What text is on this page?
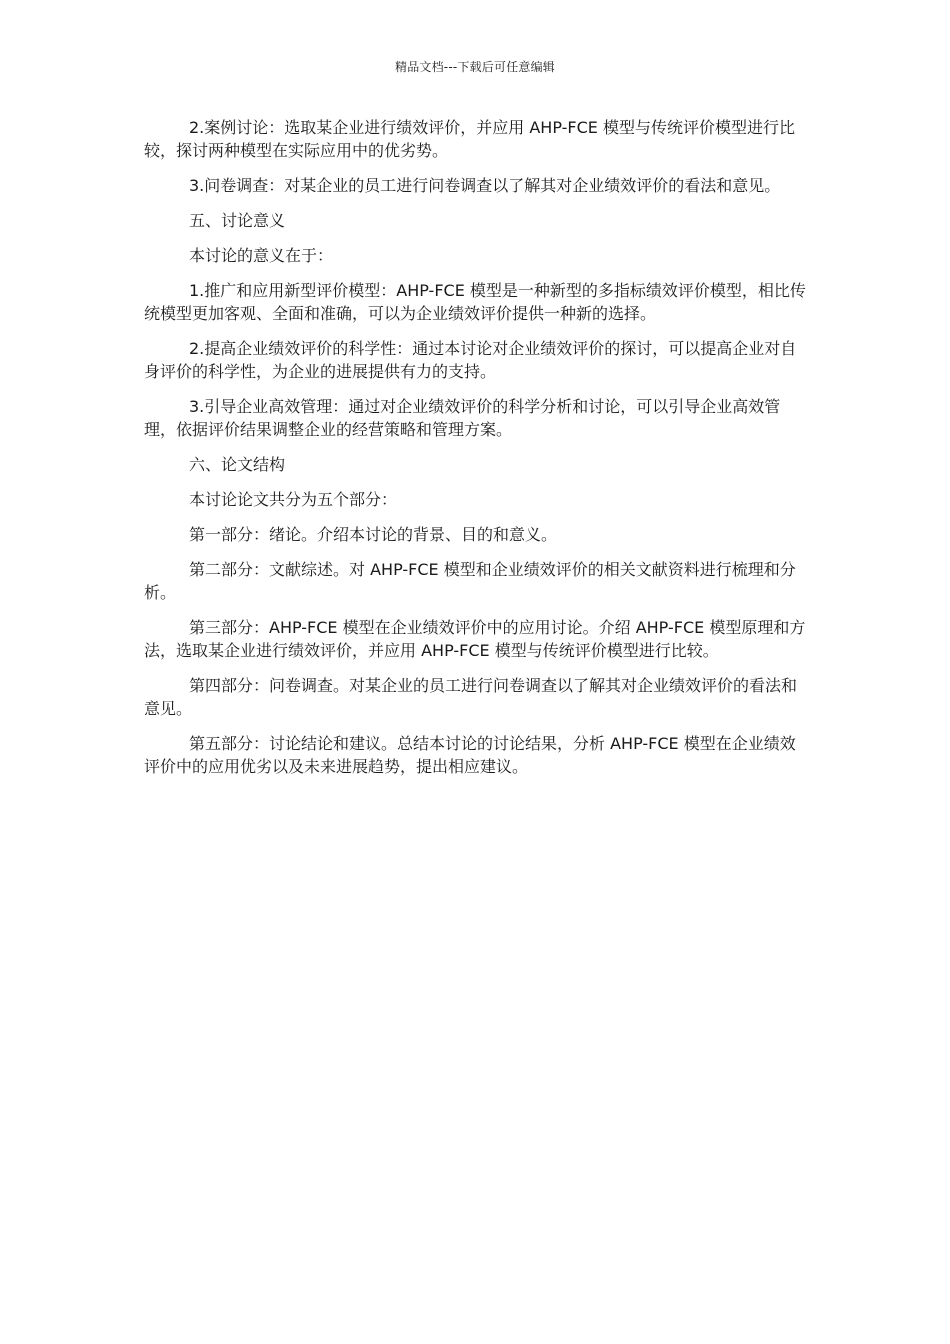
精品文档---下载后可任意编辑

2.案例讨论：选取某企业进行绩效评价，并应用 AHP-FCE 模型与传统评价模型进行比较，探讨两种模型在实际应用中的优劣势。

3.问卷调查：对某企业的员工进行问卷调查以了解其对企业绩效评价的看法和意见。

五、讨论意义

本讨论的意义在于：

1.推广和应用新型评价模型：AHP-FCE 模型是一种新型的多指标绩效评价模型，相比传统模型更加客观、全面和准确，可以为企业绩效评价提供一种新的选择。

2.提高企业绩效评价的科学性：通过本讨论对企业绩效评价的探讨，可以提高企业对自身评价的科学性，为企业的进展提供有力的支持。

3.引导企业高效管理：通过对企业绩效评价的科学分析和讨论，可以引导企业高效管理，依据评价结果调整企业的经营策略和管理方案。

六、论文结构

本讨论论文共分为五个部分：

第一部分：绪论。介绍本讨论的背景、目的和意义。

第二部分：文献综述。对 AHP-FCE 模型和企业绩效评价的相关文献资料进行梳理和分析。

第三部分：AHP-FCE 模型在企业绩效评价中的应用讨论。介绍 AHP-FCE 模型原理和方法，选取某企业进行绩效评价，并应用 AHP-FCE 模型与传统评价模型进行比较。

第四部分：问卷调查。对某企业的员工进行问卷调查以了解其对企业绩效评价的看法和意见。

第五部分：讨论结论和建议。总结本讨论的讨论结果，分析 AHP-FCE 模型在企业绩效评价中的应用优劣以及未来进展趋势，提出相应建议。
